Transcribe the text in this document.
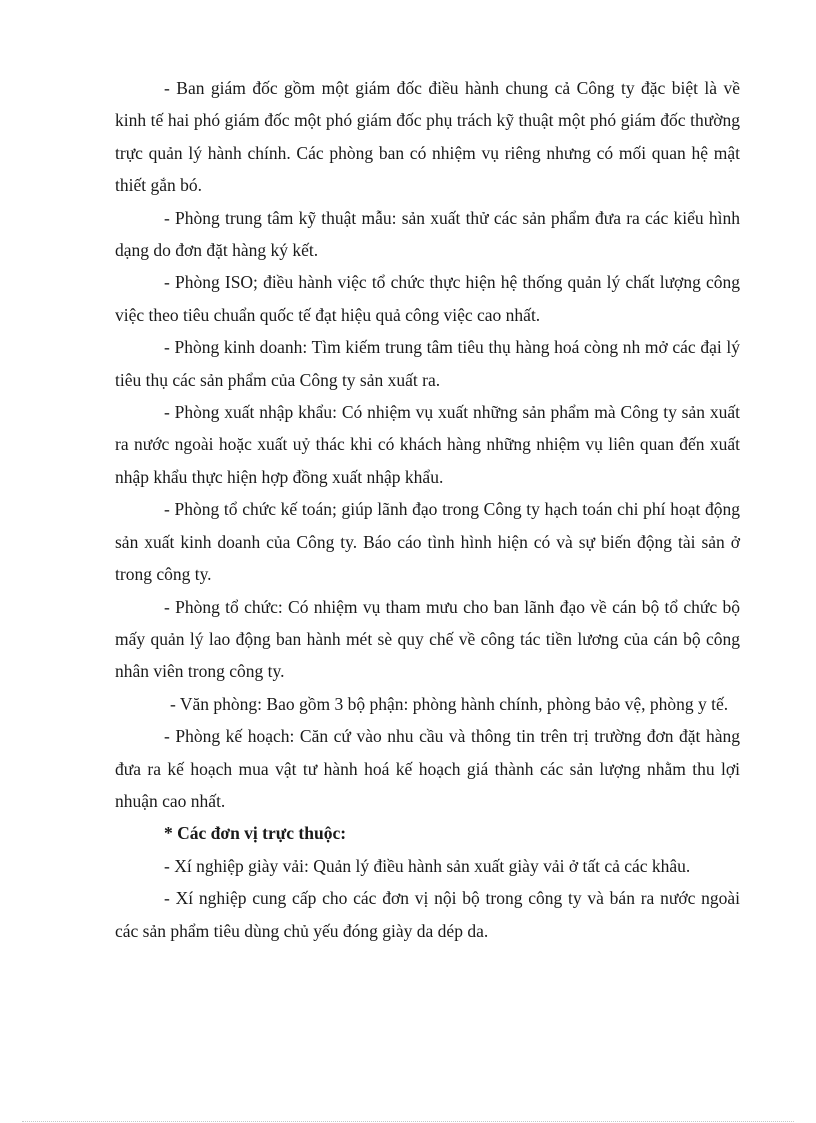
- Ban giám đốc gồm một giám đốc điều hành chung cả Công ty đặc biệt là về kinh tế hai phó giám đốc một phó giám đốc phụ trách kỹ thuật một phó giám đốc thường trực quản lý hành chính. Các phòng ban có nhiệm vụ riêng nhưng có mối quan hệ mật thiết gắn bó.

- Phòng trung tâm kỹ thuật mẫu: sản xuất thử các sản phẩm đưa ra các kiểu hình dạng do đơn đặt hàng ký kết.

- Phòng ISO; điều hành việc tổ chức thực hiện hệ thống quản lý chất lượng công việc theo tiêu chuẩn quốc tế đạt hiệu quả công việc cao nhất.

- Phòng kinh doanh: Tìm kiếm trung tâm tiêu thụ hàng hoá còng nh mở các đại lý tiêu thụ các sản phẩm của Công ty sản xuất ra.

- Phòng xuất nhập khẩu: Có nhiệm vụ xuất những sản phẩm mà Công ty sản xuất ra nước ngoài hoặc xuất uỷ thác khi có khách hàng những nhiệm vụ liên quan đến xuất nhập khẩu thực hiện hợp đồng xuất nhập khẩu.

- Phòng tổ chức kế toán; giúp lãnh đạo trong Công ty hạch toán chi phí hoạt động sản xuất kinh doanh của Công ty. Báo cáo tình hình hiện có và sự biến động tài sản ở trong công ty.

- Phòng tổ chức: Có nhiệm vụ tham mưu cho ban lãnh đạo về cán bộ tổ chức bộ mấy quản lý lao động ban hành mét sè quy chế về công tác tiền lương của cán bộ công nhân viên trong công ty.

- Văn phòng: Bao gồm 3 bộ phận: phòng hành chính, phòng bảo vệ, phòng y tế.

- Phòng kế hoạch: Căn cứ vào nhu cầu và thông tin trên trị trường đơn đặt hàng đưa ra kế hoạch mua vật tư hành hoá kế hoạch giá thành các sản lượng nhằm thu lợi nhuận cao nhất.

* Các đơn vị trực thuộc:

- Xí nghiệp giày vải: Quản lý điều hành sản xuất giày vải ở tất cả các khâu.

- Xí nghiệp cung cấp cho các đơn vị nội bộ trong công ty và bán ra nước ngoài các sản phẩm tiêu dùng chủ yếu đóng giày da dép da.
